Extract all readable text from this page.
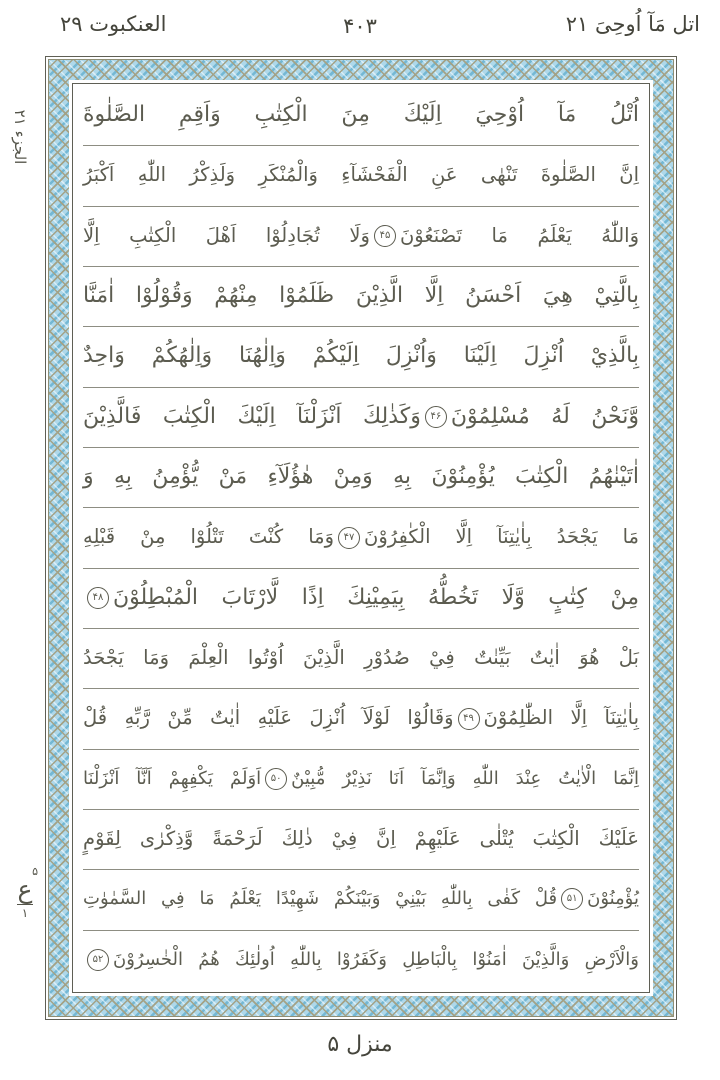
اتل مَآ اُوحِیَ ۲۱
۴۰۳
العنكبوت ۲۹
الجزء ۲۱
۵
ع
۱
اُتْلُ مَآ اُوْحِيَ اِلَيْكَ مِنَ الْكِتٰبِ وَاَقِمِ الصَّلٰوةَ
اِنَّ الصَّلٰوةَ تَنْهٰى عَنِ الْفَحْشَآءِ وَالْمُنْكَرِ وَلَذِكْرُ اللّٰهِ اَكْبَرُ
وَاللّٰهُ يَعْلَمُ مَا تَصْنَعُوْنَ۴۵وَلَا تُجَادِلُوْا اَهْلَ الْكِتٰبِ اِلَّا
بِالَّتِيْ هِيَ اَحْسَنُ اِلَّا الَّذِيْنَ ظَلَمُوْا مِنْهُمْ وَقُوْلُوْا اٰمَنَّا
بِالَّذِيْ اُنْزِلَ اِلَيْنَا وَاُنْزِلَ اِلَيْكُمْ وَاِلٰهُنَا وَاِلٰهُكُمْ وَاحِدٌ
وَّنَحْنُ لَهُ مُسْلِمُوْنَ۴۶وَكَذٰلِكَ اَنْزَلْنَآ اِلَيْكَ الْكِتٰبَ فَالَّذِيْنَ
اٰتَيْنٰهُمُ الْكِتٰبَ يُؤْمِنُوْنَ بِهِ وَمِنْ هٰؤُلَآءِ مَنْ يُّؤْمِنُ بِهِ وَ
مَا يَجْحَدُ بِاٰيٰتِنَآ اِلَّا الْكٰفِرُوْنَ۴۷وَمَا كُنْتَ تَتْلُوْا مِنْ قَبْلِهِ
مِنْ كِتٰبٍ وَّلَا تَخُطُّهُ بِيَمِيْنِكَ اِذًا لَّارْتَابَ الْمُبْطِلُوْنَ۴۸
بَلْ هُوَ اٰيٰتٌ بَيِّنٰتٌ فِيْ صُدُوْرِ الَّذِيْنَ اُوْتُوا الْعِلْمَ وَمَا يَجْحَدُ
بِاٰيٰتِنَآ اِلَّا الظّٰلِمُوْنَ۴۹وَقَالُوْا لَوْلَآ اُنْزِلَ عَلَيْهِ اٰيٰتٌ مِّنْ رَّبِّهِ قُلْ
اِنَّمَا الْاٰيٰتُ عِنْدَ اللّٰهِ وَاِنَّمَآ اَنَا نَذِيْرٌ مُّبِيْنٌ۵۰اَوَلَمْ يَكْفِهِمْ اَنَّآ اَنْزَلْنَا
عَلَيْكَ الْكِتٰبَ يُتْلٰى عَلَيْهِمْ اِنَّ فِيْ ذٰلِكَ لَرَحْمَةً وَّذِكْرٰى لِقَوْمٍ
يُؤْمِنُوْنَ۵۱قُلْ كَفٰى بِاللّٰهِ بَيْنِيْ وَبَيْنَكُمْ شَهِيْدًا يَعْلَمُ مَا فِي السَّمٰوٰتِ
وَالْاَرْضِ وَالَّذِيْنَ اٰمَنُوْا بِالْبَاطِلِ وَكَفَرُوْا بِاللّٰهِ اُولٰئِكَ هُمُ الْخٰسِرُوْنَ۵۲
منزل ۵
